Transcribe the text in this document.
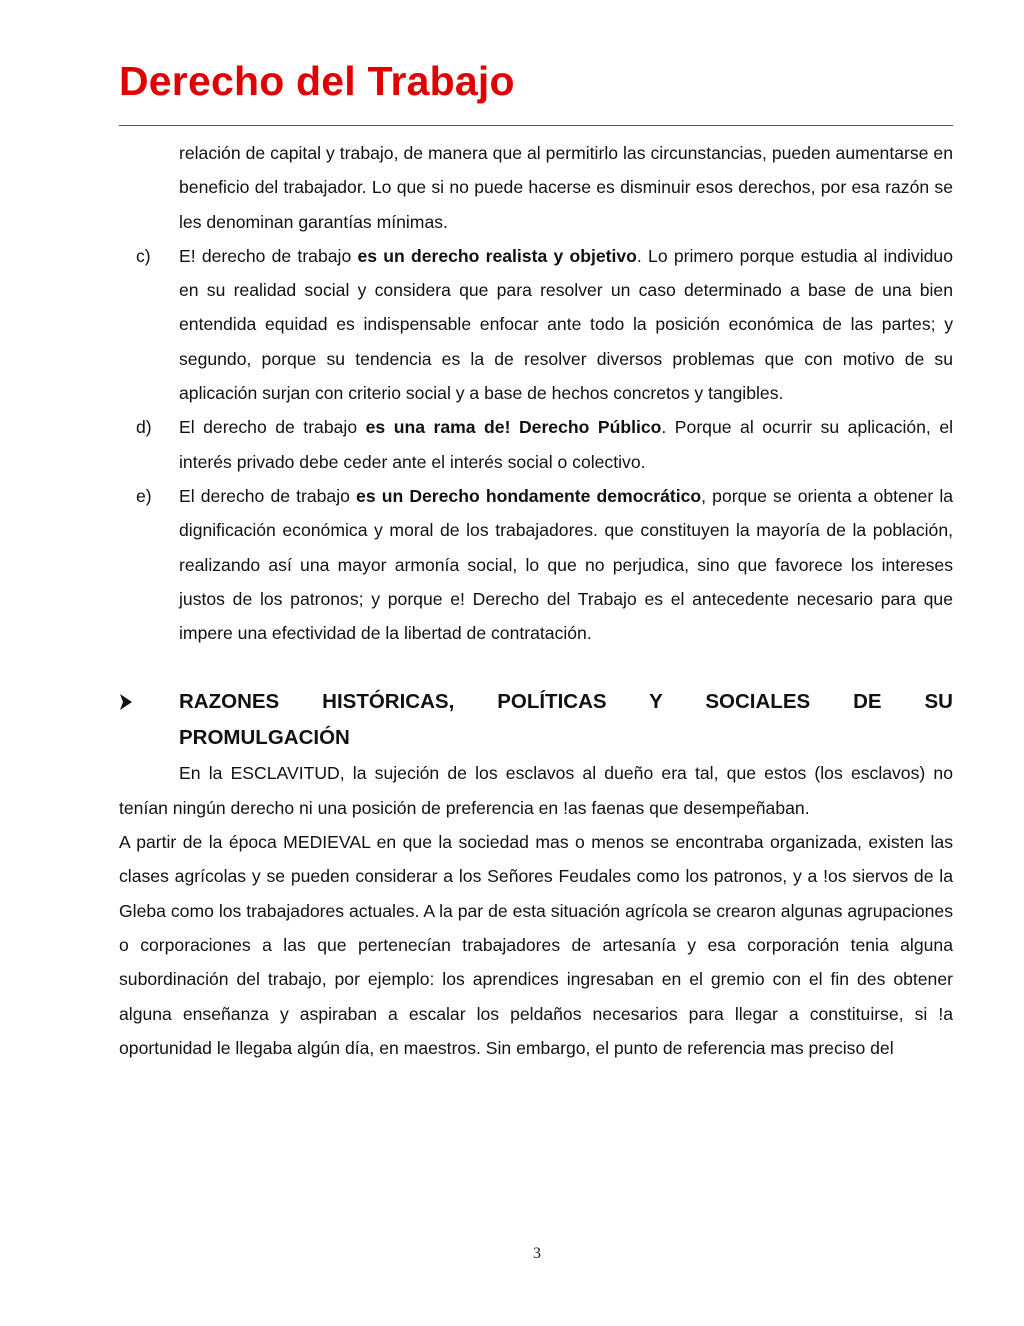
Derecho del Trabajo

relación de capital y trabajo, de manera que al permitirlo las circunstancias, pueden aumentarse en beneficio del trabajador. Lo que si no puede hacerse es disminuir esos derechos, por esa razón se les denominan garantías mínimas.

c) E! derecho de trabajo es un derecho realista y objetivo. Lo primero porque estudia al individuo en su realidad social y considera que para resolver un caso determinado a base de una bien entendida equidad es indispensable enfocar ante todo la posición económica de las partes; y segundo, porque su tendencia es la de resolver diversos problemas que con motivo de su aplicación surjan con criterio social y a base de hechos concretos y tangibles.

d) El derecho de trabajo es una rama de! Derecho Público. Porque al ocurrir su aplicación, el interés privado debe ceder ante el interés social o colectivo.

e) El derecho de trabajo es un Derecho hondamente democrático, porque se orienta a obtener la dignificación económica y moral de los trabajadores. que constituyen la mayoría de la población, realizando así una mayor armonía social, lo que no perjudica, sino que favorece los intereses justos de los patronos; y porque e! Derecho del Trabajo es el antecedente necesario para que impere una efectividad de la libertad de contratación.

RAZONES HISTÓRICAS, POLÍTICAS Y SOCIALES DE SU
PROMULGACIÓN

En la ESCLAVITUD, la sujeción de los esclavos al dueño era tal, que estos (los esclavos) no tenían ningún derecho ni una posición de preferencia en !as faenas que desempeñaban.

A partir de la época MEDIEVAL en que la sociedad mas o menos se encontraba organizada, existen las clases agrícolas y se pueden considerar a los Señores Feudales como los patronos, y a !os siervos de la Gleba como los trabajadores actuales. A la par de esta situación agrícola se crearon algunas agrupaciones o corporaciones a las que pertenecían trabajadores de artesanía y esa corporación tenia alguna subordinación del trabajo, por ejemplo: los aprendices ingresaban en el gremio con el fin des obtener alguna enseñanza y aspiraban a escalar los peldaños necesarios para llegar a constituirse, si !a oportunidad le llegaba algún día, en maestros. Sin embargo, el punto de referencia mas preciso del

3
